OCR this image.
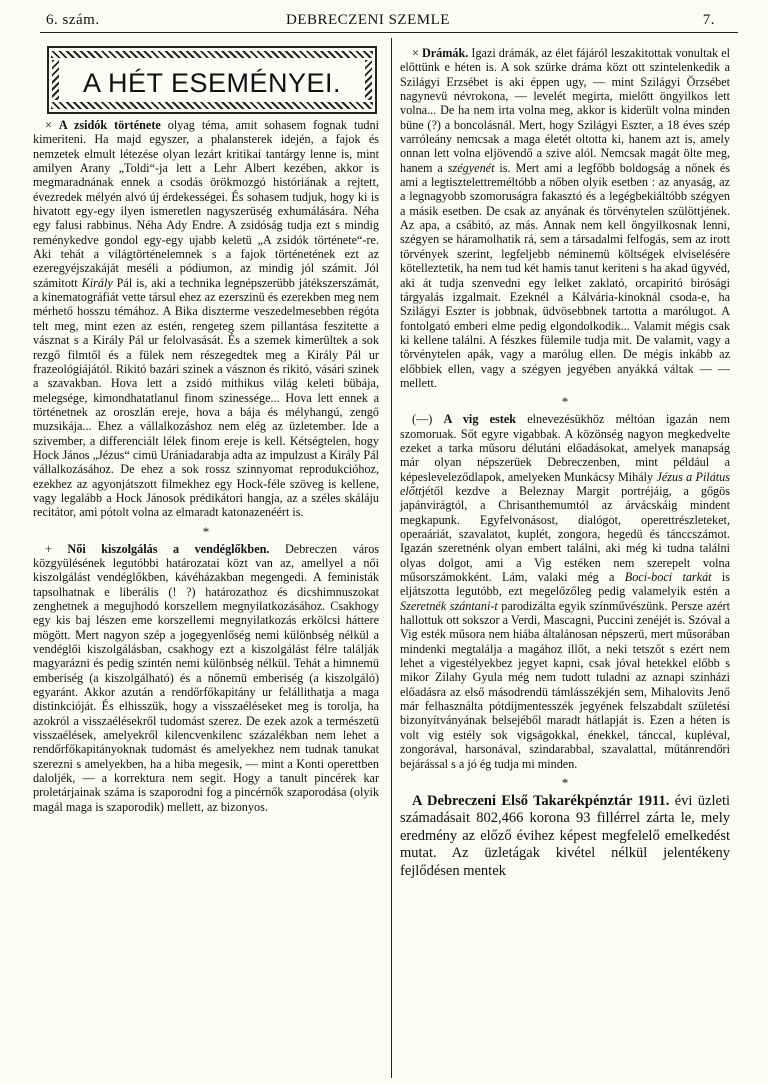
6. szám.	DEBRECZENI SZEMLE	7.
A HÉT ESEMÉNYEI.

× A zsidók története olyag téma, amit sohasem fognak tudni kimeriteni. Ha majd egyszer, a phalansterek idején, a fajok és nemzetek elmult létezése olyan lezárt kritikai tantárgy lenne is, mint amilyen Arany „Toldi“-ja lett a Lehr Albert kezében, akkor is megmaradnának ennek a csodás örökmozgó históriának a rejtett, évezredek mélyén alvó új érdekességei. És sohasem tudjuk, hogy ki is hivatott egy-egy ilyen ismeretlen nagyszerüség exhumálására. Néha egy falusi rabbinus. Néha Ady Endre. A zsidóság tudja ezt s mindig reménykedve gondol egy-egy ujabb keletü „A zsidók története“-re. Aki tehát a világtörténelemnek s a fajok történetének ezt az ezeregyéjszakáját meséli a pódiumon, az mindig jól számit. Jól számitott Király Pál is, aki a technika legnépszerübb játékszerszámát, a kinematográfiát vette társul ehez az ezerszinü és ezerekben meg nem mérhető hosszu témához. A Bika diszterme veszedelmesebben régóta telt meg, mint ezen az estén, rengeteg szem pillantása feszitette a vásznat s a Király Pál ur felolvasását. És a szemek kimerültek a sok rezgő filmtől és a fülek nem részegedtek meg a Király Pál ur frazeológiájától. Rikitó bazári szinek a vásznon és rikitó, vásári szinek a szavakban. Hova lett a zsidó mithikus világ keleti bübája, melegsége, kimondhatatlanul finom szinessége... Hova lett ennek a történetnek az oroszlán ereje, hova a bája és mélyhangú, zengő muzsikája... Ehez a vállalkozáshoz nem elég az üzletember. Ide a szivember, a differenciált lélek finom ereje is kell. Kétségtelen, hogy Hock János „Jézus“ cimü Urániadarabja adta az impulzust a Király Pál vállalkozásához. De ehez a sok rossz szinnyomat reprodukcióhoz, ezekhez az agyonjátszott filmekhez egy Hock-féle szöveg is kellene, vagy legalább a Hock Jánosok prédikátori hangja, az a széles skáláju recitátor, ami pótolt volna az elmaradt katonazenéért is.

*

+ Női kiszolgálás a vendéglőkben. Debreczen város közgyülésének legutóbbi határozatai közt van az, amellyel a női kiszolgálást vendéglőkben, kávéházakban megengedi. A feministák tapsolhatnak e liberális (! ?) határozathoz és dicshimnuszokat zenghetnek a megujhodó korszellem megnyilatkozásához. Csakhogy egy kis baj lészen eme korszellemi megnyilatkozás erkölcsi háttere mögött. Mert nagyon szép a jogegyenlőség nemi különbség nélkül a vendéglői kiszolgálásban, csakhogy ezt a kiszolgálást félre találják magyarázni és pedig szintén nemi különbség nélkül. Tehát a himnemü emberiség (a kiszolgálható) és a nőnemü emberiség (a kiszolgáló) egyaránt. Akkor azután a rendőrfőkapitány ur felállithatja a maga distinkcióját. És elhisszük, hogy a visszaéléseket meg is torolja, ha azokról a visszaélésekről tudomást szerez. De ezek azok a természetü visszaélések, amelyekről kilencvenkilenc százalékban nem lehet a rendőrfőkapitányoknak tudomást és amelyekhez nem tudnak tanukat szerezni s amelyekben, ha a hiba megesik, — mint a Konti operettben daloljék, — a korrektura nem segit. Hogy a tanult pincérek kar proletárjainak száma is szaporodni fog a pincérnők szaporodása (olyik magál maga is szaporodik) mellett, az bizonyos.

× Drámák. Igazi drámák, az élet fájáról leszakitottak vonultak el előttünk e héten is. A sok szürke dráma közt ott szintelenkedik a Szilágyi Erzsébet is aki éppen ugy, — mint Szilágyi Örzsébet nagynevü névrokona, — levelét megirta, mielőtt öngyilkos lett volna... De ha nem irta volna meg, akkor is kiderült volna minden büne (?) a boncolásnál. Mert, hogy Szilágyi Eszter, a 18 éves szép varróleány nemcsak a maga életét oltotta ki, hanem azt is, amely onnan lett volna eljövendő a szive alól. Nemcsak magát ölte meg, hanem a szégyenét is. Mert ami a legfőbb boldogság a nőnek és ami a legtisztelettreméltóbb a nőben olyik esetben : az anyaság, az a legnagyobb szomoruságra fakasztó és a legégbekiáltóbb szégyen a másik esetben. De csak az anyának és törvénytelen szülöttjének. Az apa, a csábitó, az más. Annak nem kell öngyilkosnak lenni, szégyen se háramolhatik rá, sem a társadalmi felfogás, sem az irott törvények szerint, legfeljebb néminemü költségek elviselésére kötelleztetik, ha nem tud két hamis tanut keriteni s ha akad ügyvéd, aki át tudja szenvedni egy lelket zaklató, orcapiritó birósági tárgyalás izgalmait. Ezeknél a Kálvária-kinoknál csoda-e, ha Szilágyi Eszter is jobbnak, üdvösebbnek tartotta a marólugot. A fontolgató emberi elme pedig elgondolkodik... Valamit mégis csak ki kellene találni. A fészkes fülemile tudja mit. De valamit, vagy a törvénytelen apák, vagy a marólug ellen. De mégis inkább az előbbiek ellen, vagy a szégyen jegyében anyákká váltak — — mellett.

*

(—) A vig estek elnevezésükhöz méltóan igazán nem szomoruak. Sőt egyre vigabbak. A közönség nagyon megkedvelte ezeket a tarka műsoru délutáni előadásokat, amelyek manapság már olyan népszerüek Debreczenben, mint például a képesleveleződlapok, amelyeken Munkácsy Mihály Jézus a Pilátus előttjétől kezdve a Beleznay Margit portréjáig, a gőgös japánvirágtól, a Chrisanthemumtól az árvácskáig mindent megkapunk. Egyfelvonásost, dialógot, operettrészleteket, operaáriát, szavalatot, kuplét, zongora, hegedü és tánccszámot. Igazán szeretnénk olyan embert találni, aki még ki tudna találni olyas dolgot, ami a Vig estéken nem szerepelt volna műsorszámokként. Lám, valaki még a Boci-boci tarkát is eljátszotta legutóbb, ezt megelőzőleg pedig valamelyik estén a Szeretnék szántani-t parodizálta egyik színművészünk. Persze azért hallottuk ott sokszor a Verdi, Mascagni, Puccini zenéjét is. Szóval a Vig esték műsora nem hiába általánosan népszerü, mert műsorában mindenki megtalálja a magához illőt, a neki tetszőt s ezért nem lehet a vigestélyekbez jegyet kapni, csak jóval hetekkel előbb s mikor Zilahy Gyula még nem tudott tuladni az aznapi szinházi előadásra az első másodrendü támlásszékjén sem, Mihalovits Jenő már felhasználta pótdíjmentesszék jegyének felszabdalt születési bizonyítványának belsejéből maradt hátlapját is. Ezen a héten is volt vig estély sok vigságokkal, énekkel, tánccal, kupléval, zongorával, harsonával, szindarabbal, szavalattal, műtánrendőri bejárással s a jó ég tudja mi minden.

*

A Debreczeni Első Takarékpénztár 1911. évi üzleti számadásait 802,466 korona 93 fillérrel zárta le, mely eredmény az előző évihez képest megfelelő emelkedést mutat. Az üzletágak kivétel nélkül jelentékeny fejlődésen mentek
